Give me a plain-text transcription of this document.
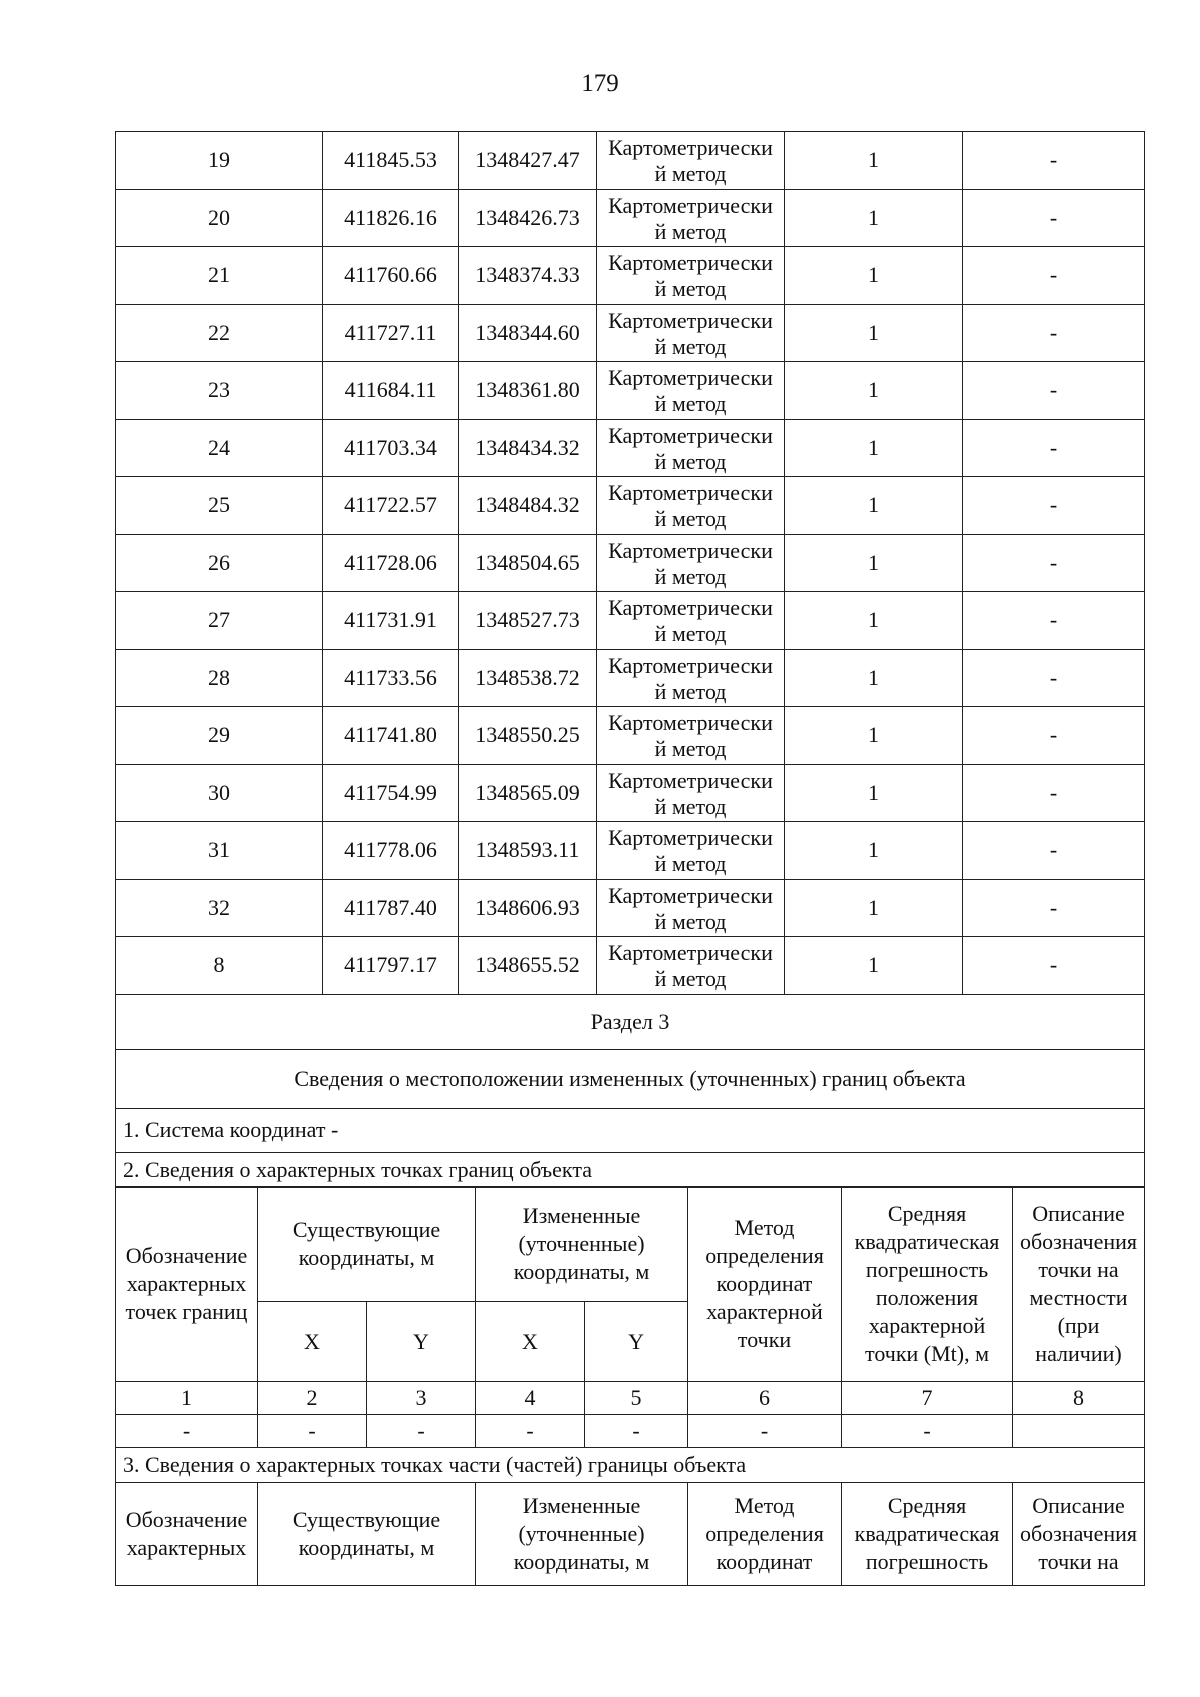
179
19	411845.53	1348427.47	Картометрически
й метод	1	-
20	411826.16	1348426.73	Картометрически
й метод	1	-
21	411760.66	1348374.33	Картометрически
й метод	1	-
22	411727.11	1348344.60	Картометрически
й метод	1	-
23	411684.11	1348361.80	Картометрически
й метод	1	-
24	411703.34	1348434.32	Картометрически
й метод	1	-
25	411722.57	1348484.32	Картометрически
й метод	1	-
26	411728.06	1348504.65	Картометрически
й метод	1	-
27	411731.91	1348527.73	Картометрически
й метод	1	-
28	411733.56	1348538.72	Картометрически
й метод	1	-
29	411741.80	1348550.25	Картометрически
й метод	1	-
30	411754.99	1348565.09	Картометрически
й метод	1	-
31	411778.06	1348593.11	Картометрически
й метод	1	-
32	411787.40	1348606.93	Картометрически
й метод	1	-
8	411797.17	1348655.52	Картометрически
й метод	1	-
Раздел 3					
Сведения о местоположении измененных (уточненных) границ объекта					
1. Система координат -					
2. Сведения о характерных точках границ объекта					
Обозначение характерных точек границ	Существующие координаты, м		Измененные (уточненные) координаты, м		Метод определения координат характерной точки	Средняя квадратическая погрешность положения характерной точки (Mt), м	Описание обозначения точки на местности (при наличии)
	X	Y	X	Y			
1	2	3	4	5	6	7	8
-	-	-	-	-	-	-	
3. Сведения о характерных точках части (частей) границы объекта							
Обозначение характерных	Существующие координаты, м		Измененные (уточненные) координаты, м		Метод определения координат	Средняя квадратическая погрешность	Описание обозначения точки на
